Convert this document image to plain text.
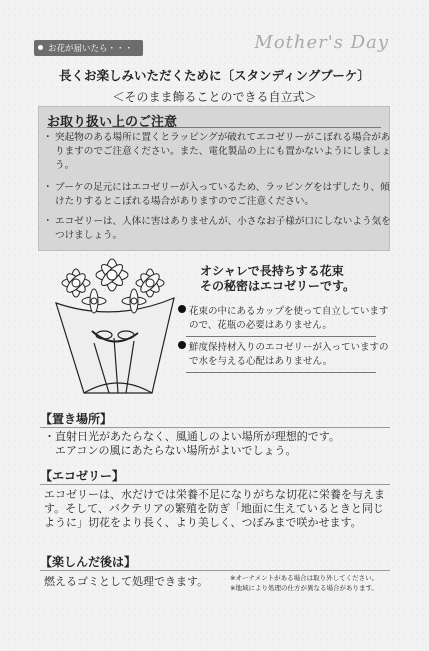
お花が届いたら・・・	Mother's Day
長くお楽しみいただくために〔スタンディングブーケ〕
＜そのまま飾ることのできる自立式＞
お取り扱い上のご注意
・ 突起物のある場所に置くとラッピングが破れてエコゼリーがこぼれる場合がありますのでご注意ください。また、電化製品の上にも置かないようにしましょう。
・ ブーケの足元にはエコゼリーが入っているため、ラッピングをはずしたり、傾けたりするとこぼれる場合がありますのでご注意ください。
・ エコゼリーは、人体に害はありませんが、小さなお子様が口にしないよう気をつけましょう。
オシャレで長持ちする花束
その秘密はエコゼリーです。
花束の中にあるカップを使って自立していますので、花瓶の必要はありません。
鮮度保持材入りのエコゼリーが入っていますので水を与える心配はありません。
【置き場所】
・直射日光があたらなく、風通しのよい場所が理想的です。
　エアコンの風にあたらない場所がよいでしょう。
【エコゼリー】
エコゼリーは、水だけでは栄養不足になりがちな切花に栄養を与えます。そして、バクテリアの繁殖を防ぎ「地面に生えているときと同じように」切花をより長く、より美しく、つぼみまで咲かせます。
【楽しんだ後は】
燃えるゴミとして処理できます。	※オーナメントがある場合は取り外してください。
※地域により処理の仕方が異なる場合があります。
